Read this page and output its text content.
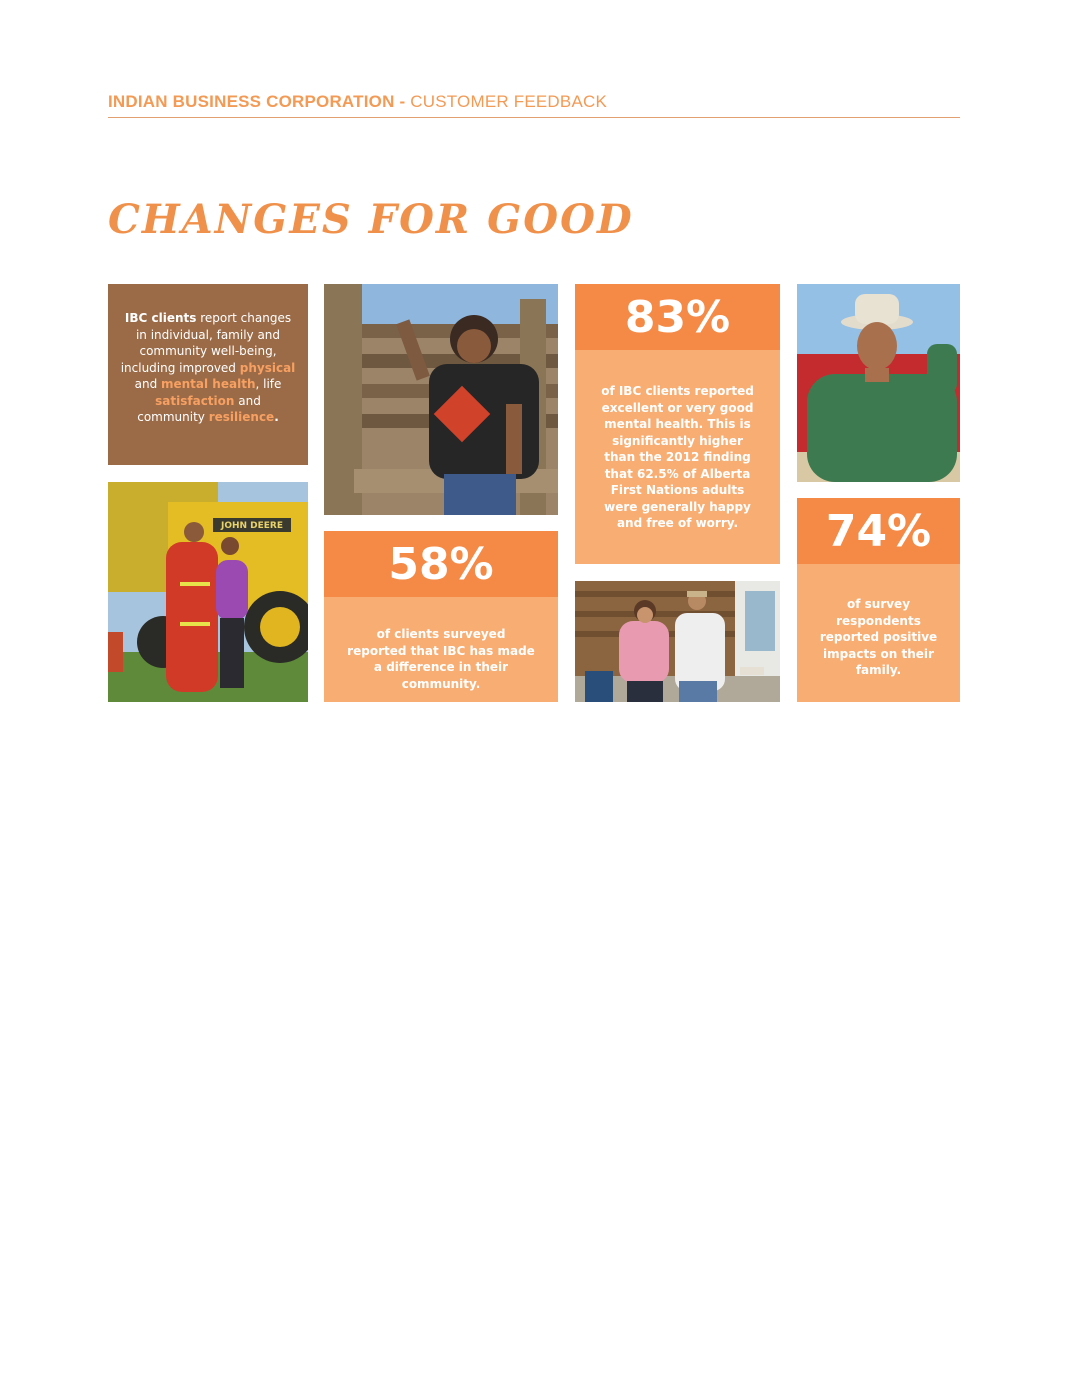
INDIAN BUSINESS CORPORATION - CUSTOMER FEEDBACK
CHANGES FOR GOOD
IBC clients report changes in individual, family and community well-being, including improved physical and mental health, life satisfaction and community resilience.
JOHN DEERE
58%
of clients surveyed reported that IBC has made a difference in their community.
83%
of IBC clients reported excellent or very good mental health. This is significantly higher than the 2012 finding that 62.5% of Alberta First Nations adults were generally happy and free of worry.	74%
of survey respondents reported positive impacts on their family.
